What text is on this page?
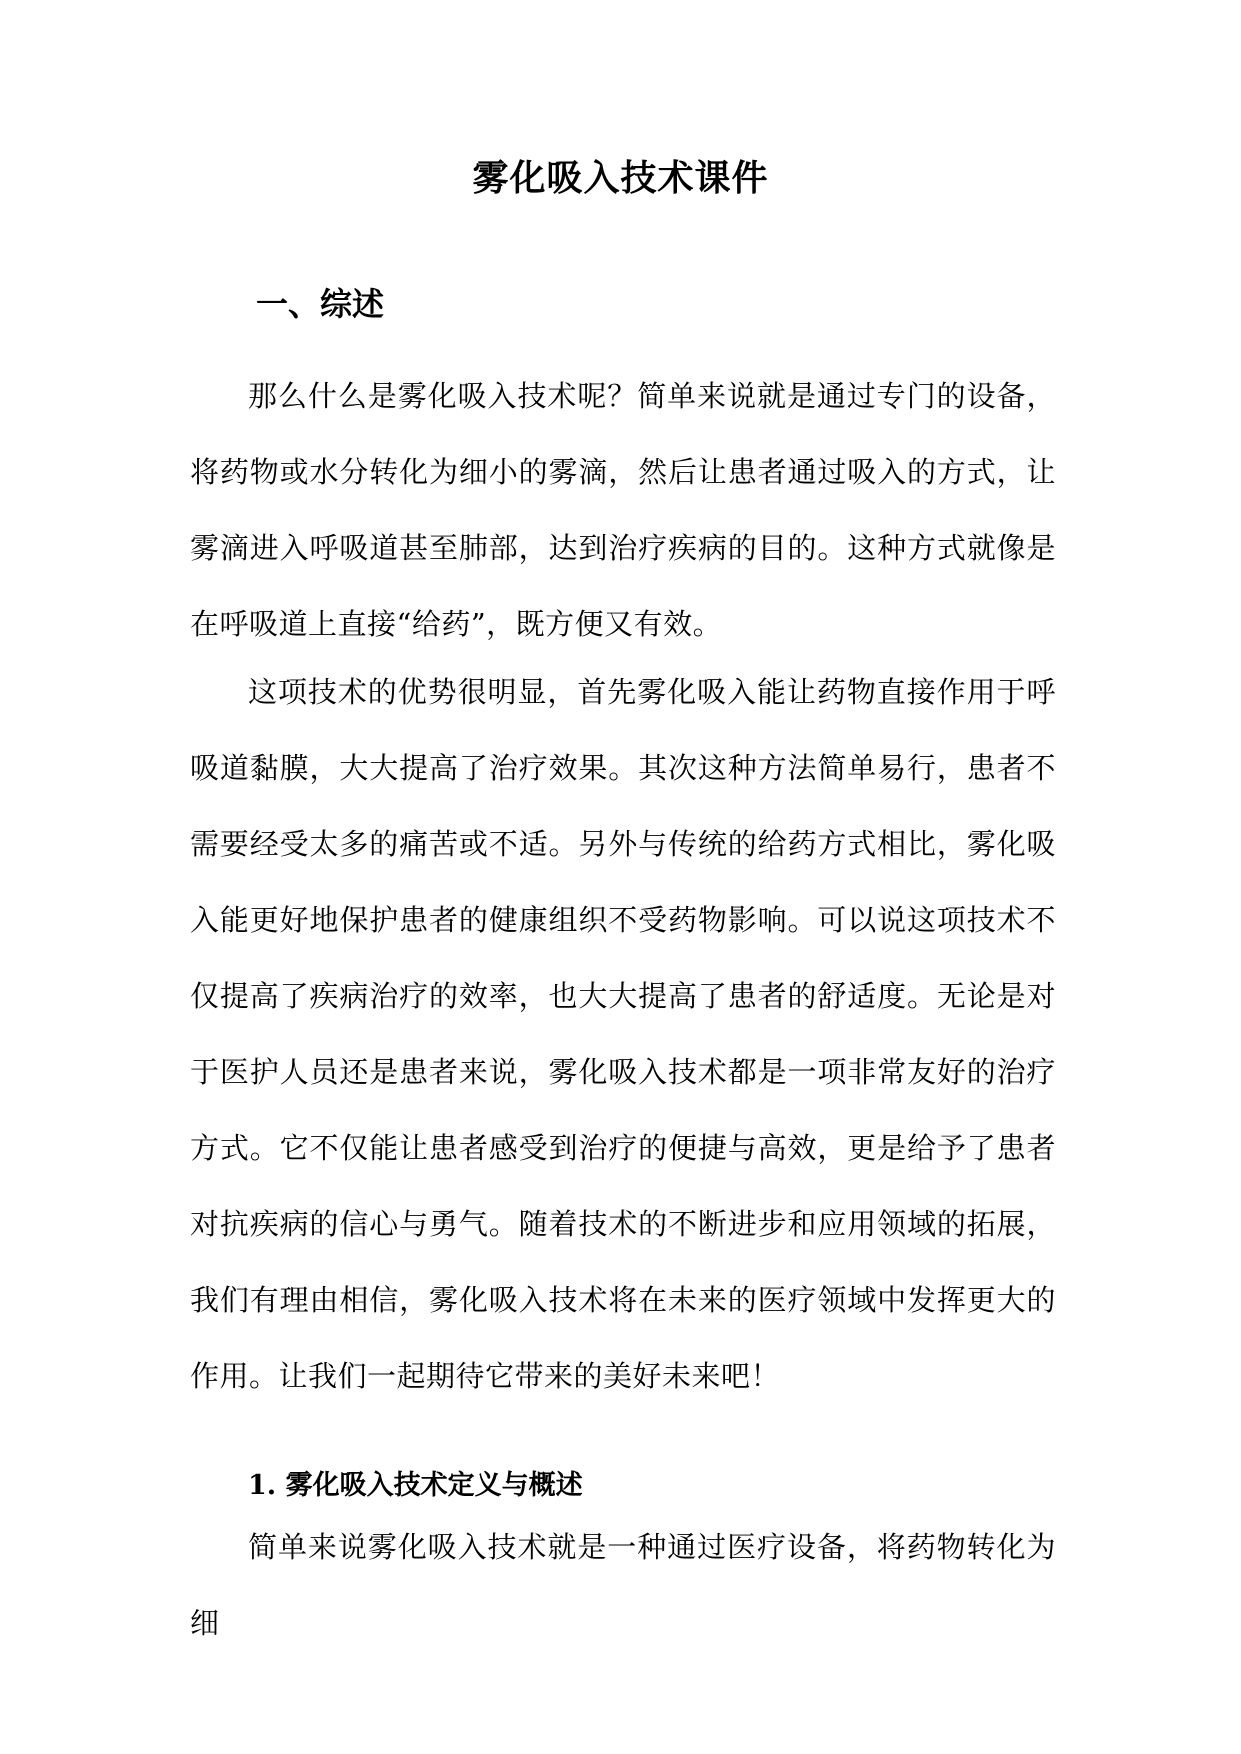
雾化吸入技术课件
一、综述

那么什么是雾化吸入技术呢？简单来说就是通过专门的设备，将药物或水分转化为细小的雾滴，然后让患者通过吸入的方式，让雾滴进入呼吸道甚至肺部，达到治疗疾病的目的。这种方式就像是在呼吸道上直接“给药”，既方便又有效。

这项技术的优势很明显，首先雾化吸入能让药物直接作用于呼吸道黏膜，大大提高了治疗效果。其次这种方法简单易行，患者不需要经受太多的痛苦或不适。另外与传统的给药方式相比，雾化吸入能更好地保护患者的健康组织不受药物影响。可以说这项技术不仅提高了疾病治疗的效率，也大大提高了患者的舒适度。无论是对于医护人员还是患者来说，雾化吸入技术都是一项非常友好的治疗方式。它不仅能让患者感受到治疗的便捷与高效，更是给予了患者对抗疾病的信心与勇气。随着技术的不断进步和应用领域的拓展，我们有理由相信，雾化吸入技术将在未来的医疗领域中发挥更大的作用。让我们一起期待它带来的美好未来吧！

1. 雾化吸入技术定义与概述

简单来说雾化吸入技术就是一种通过医疗设备，将药物转化为细
